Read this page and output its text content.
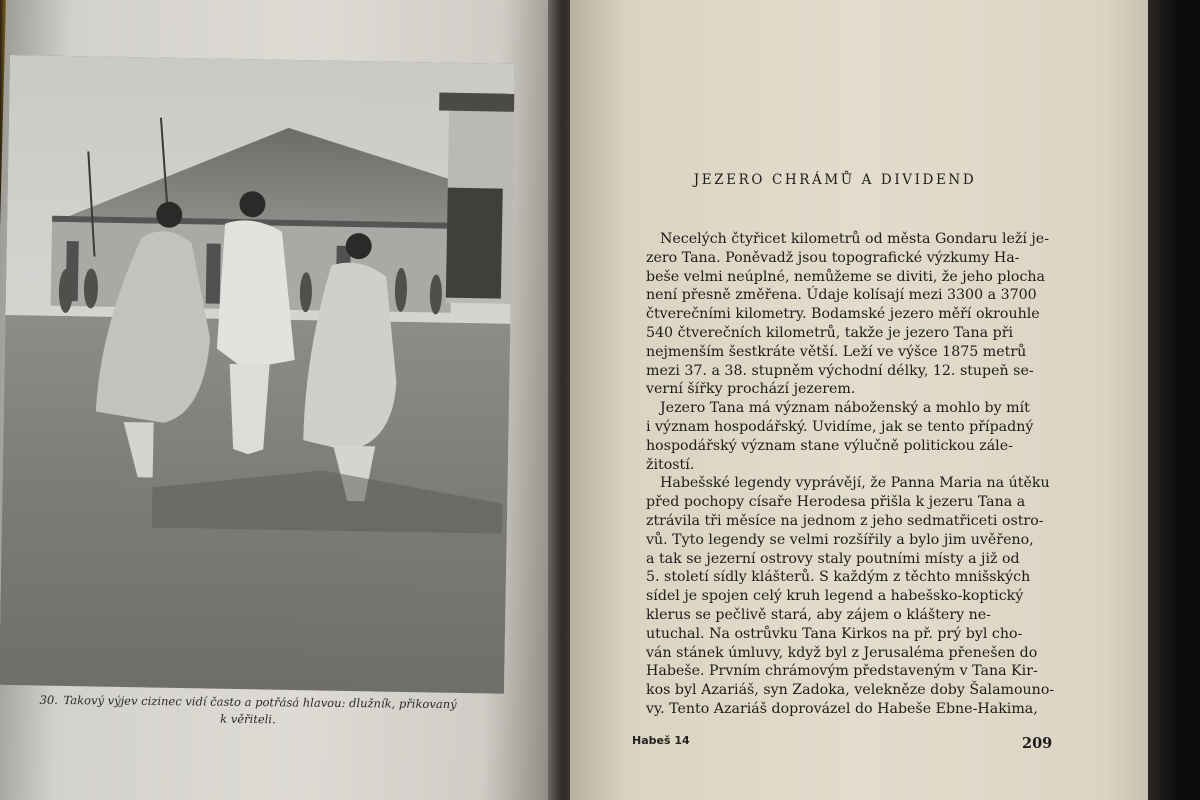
30. Takový výjev cizinec vidí často a potřásá hlavou: dlužník, přikovaný
k věřiteli.
JEZERO CHRÁMŮ A DIVIDEND
Necelých čtyřicet kilometrů od města Gondaru leží je-
zero Tana. Poněvadž jsou topografické výzkumy Ha-
beše velmi neúplné, nemůžeme se diviti, že jeho plocha
není přesně změřena. Údaje kolísají mezi 3300 a 3700
čtverečními kilometry. Bodamské jezero měří okrouhle
540 čtverečních kilometrů, takže je jezero Tana při
nejmenším šestkráte větší. Leží ve výšce 1875 metrů
mezi 37. a 38. stupněm východní délky, 12. stupeň se-
verní šířky prochází jezerem.
Jezero Tana má význam náboženský a mohlo by mít
i význam hospodářský. Uvidíme, jak se tento případný
hospodářský význam stane výlučně politickou zále-
žitostí.
Habešské legendy vyprávějí, že Panna Maria na útěku
před pochopy císaře Herodesa přišla k jezeru Tana a
ztrávila tři měsíce na jednom z jeho sedmatřiceti ostro-
vů. Tyto legendy se velmi rozšířily a bylo jim uvěřeno,
a tak se jezerní ostrovy staly poutními místy a již od
5. století sídly klášterů. S každým z těchto mnišských
sídel je spojen celý kruh legend a habešsko-koptický
klerus se pečlivě stará, aby zájem o kláštery ne-
utuchal. Na ostrůvku Tana Kirkos na př. prý byl cho-
ván stánek úmluvy, když byl z Jerusaléma přenešen do
Habeše. Prvním chrámovým představeným v Tana Kir-
kos byl Azariáš, syn Zadoka, velekněze doby Šalamouno-
vy. Tento Azariáš doprovázel do Habeše Ebne-Hakima,
Habeš 14	209
